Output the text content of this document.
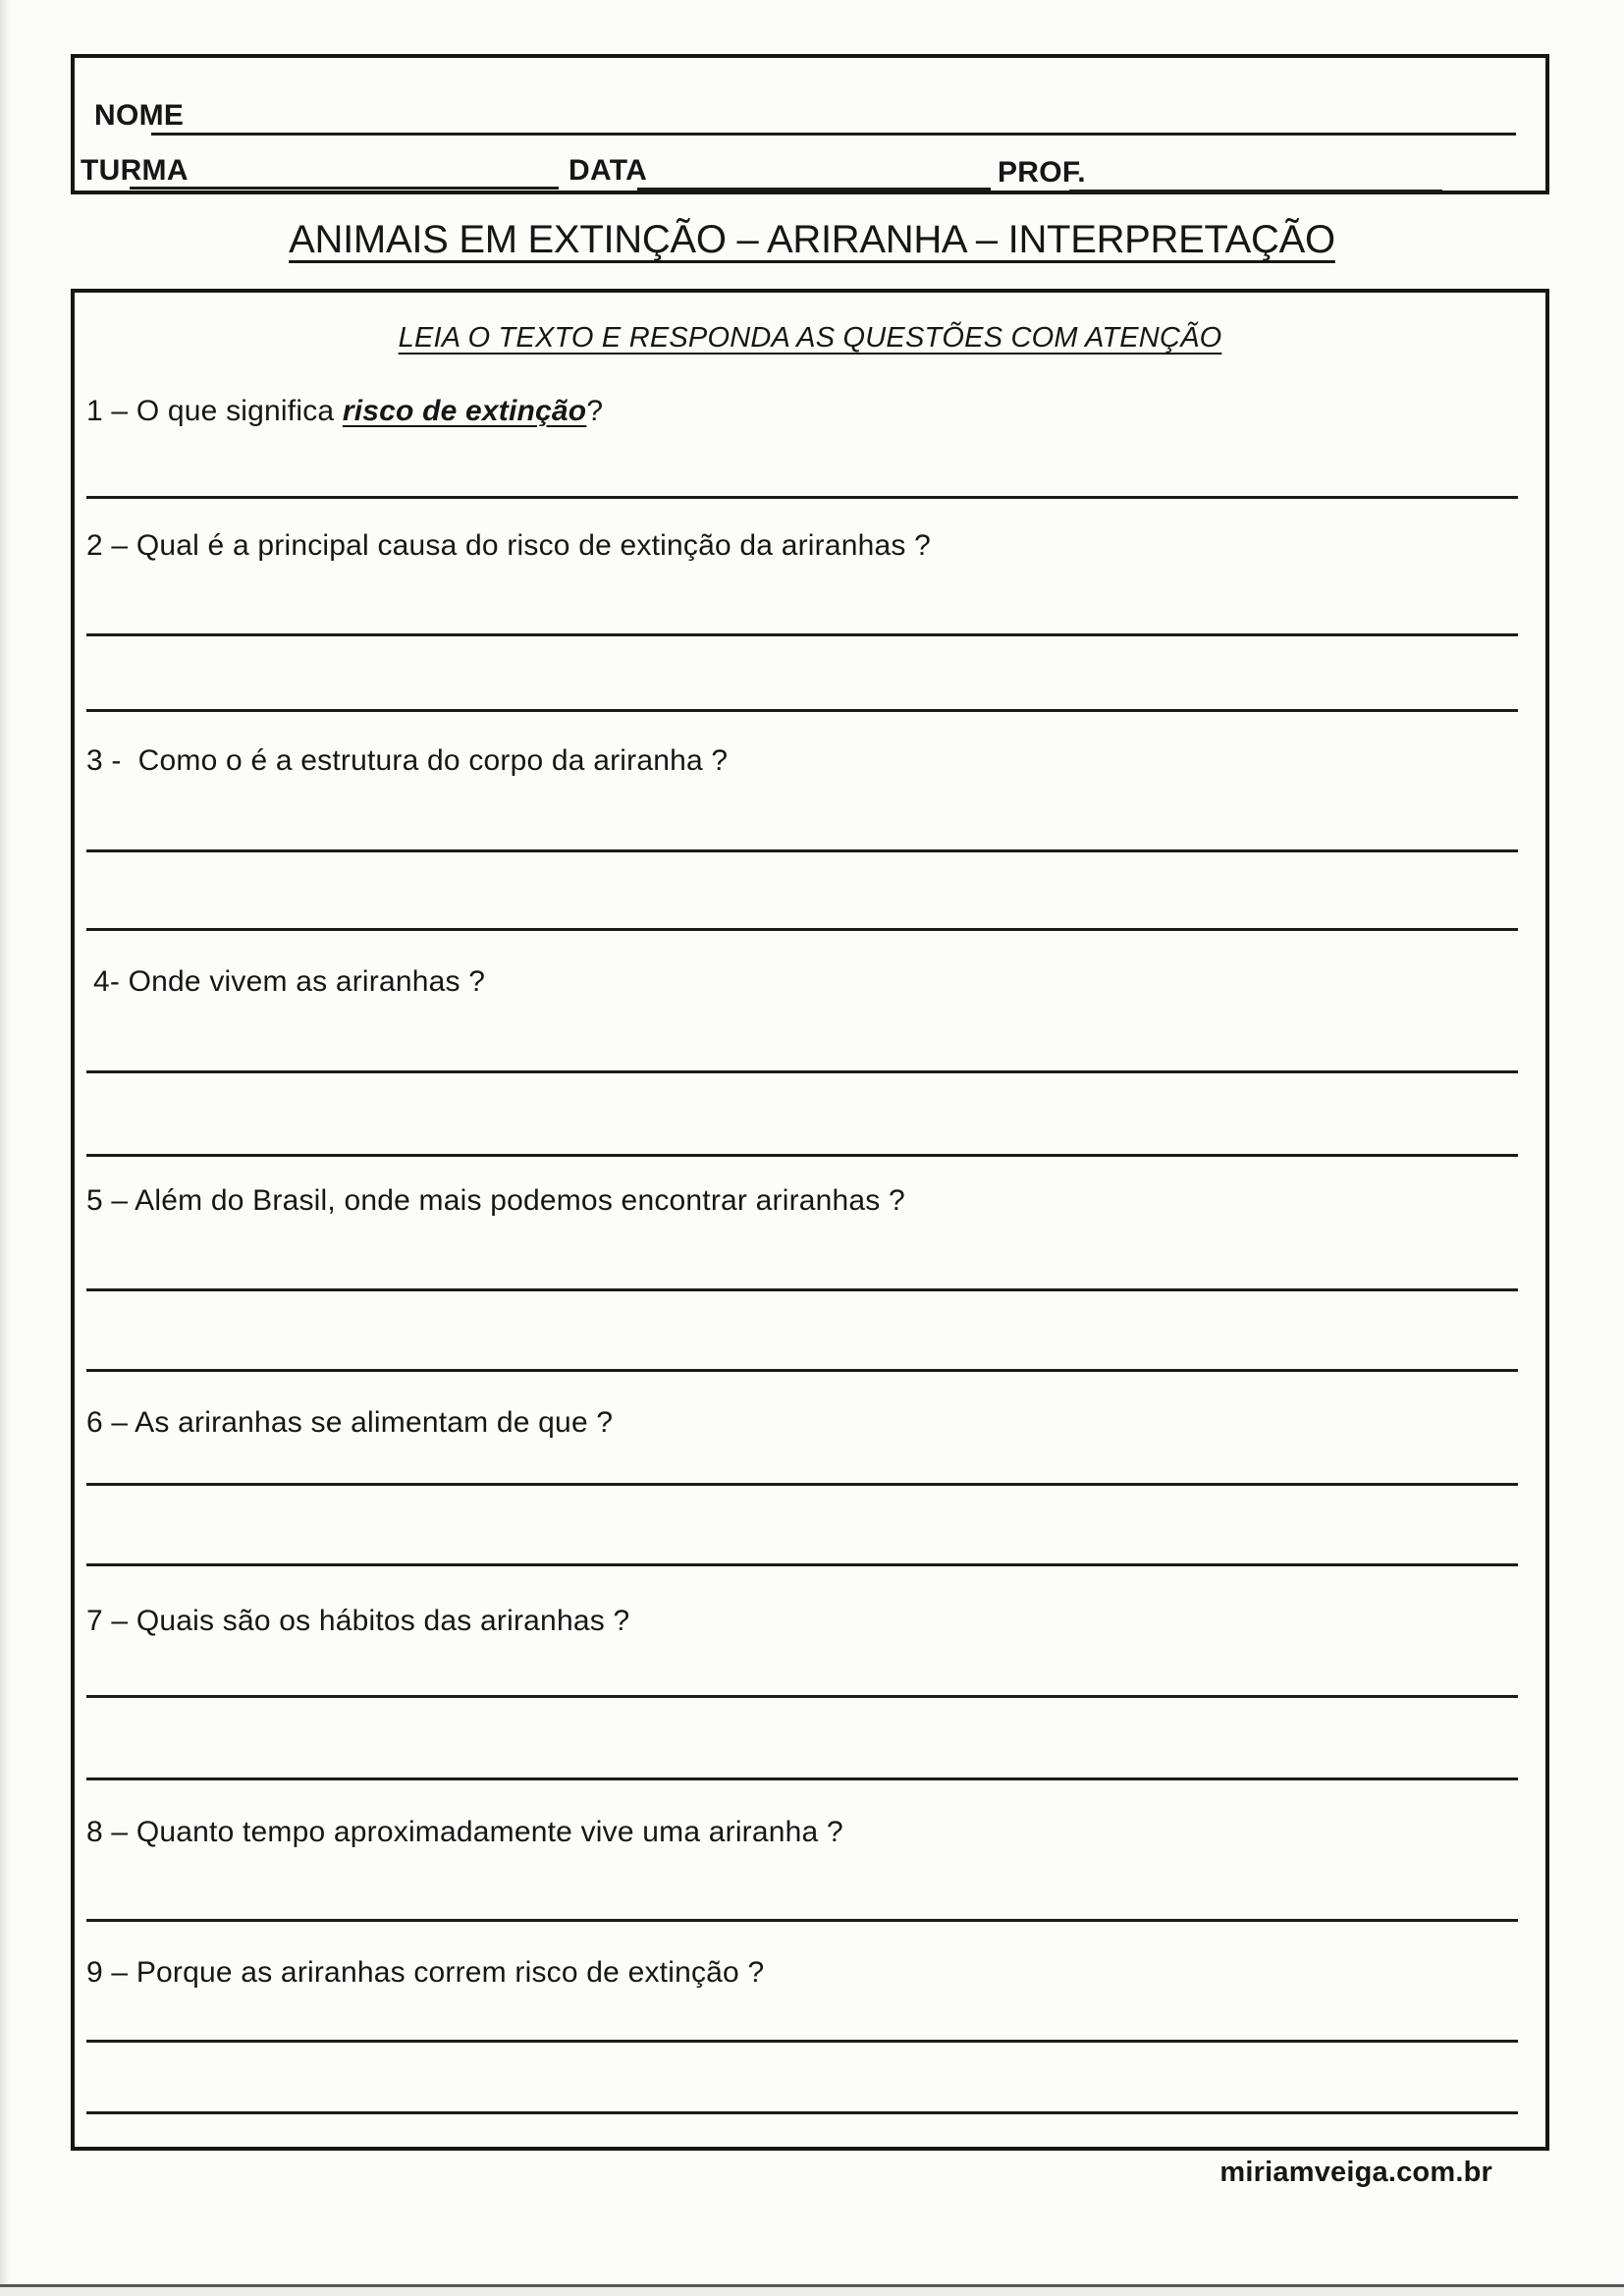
NOME
TURMA	DATA	PROF.
ANIMAIS EM EXTINÇÃO – ARIRANHA – INTERPRETAÇÃO
LEIA O TEXTO E RESPONDA AS QUESTÕES COM ATENÇÃO
1 – O que significa risco de extinção?
2 – Qual é a principal causa do risco de extinção da ariranhas ?
3 -  Como o é a estrutura do corpo da ariranha ?
4- Onde vivem as ariranhas ?
5 – Além do Brasil, onde mais podemos encontrar ariranhas ?
6 – As ariranhas se alimentam de que ?
7 – Quais são os hábitos das ariranhas ?
8 – Quanto tempo aproximadamente vive uma ariranha ?
9 – Porque as ariranhas correm risco de extinção ?
miriamveiga.com.br
